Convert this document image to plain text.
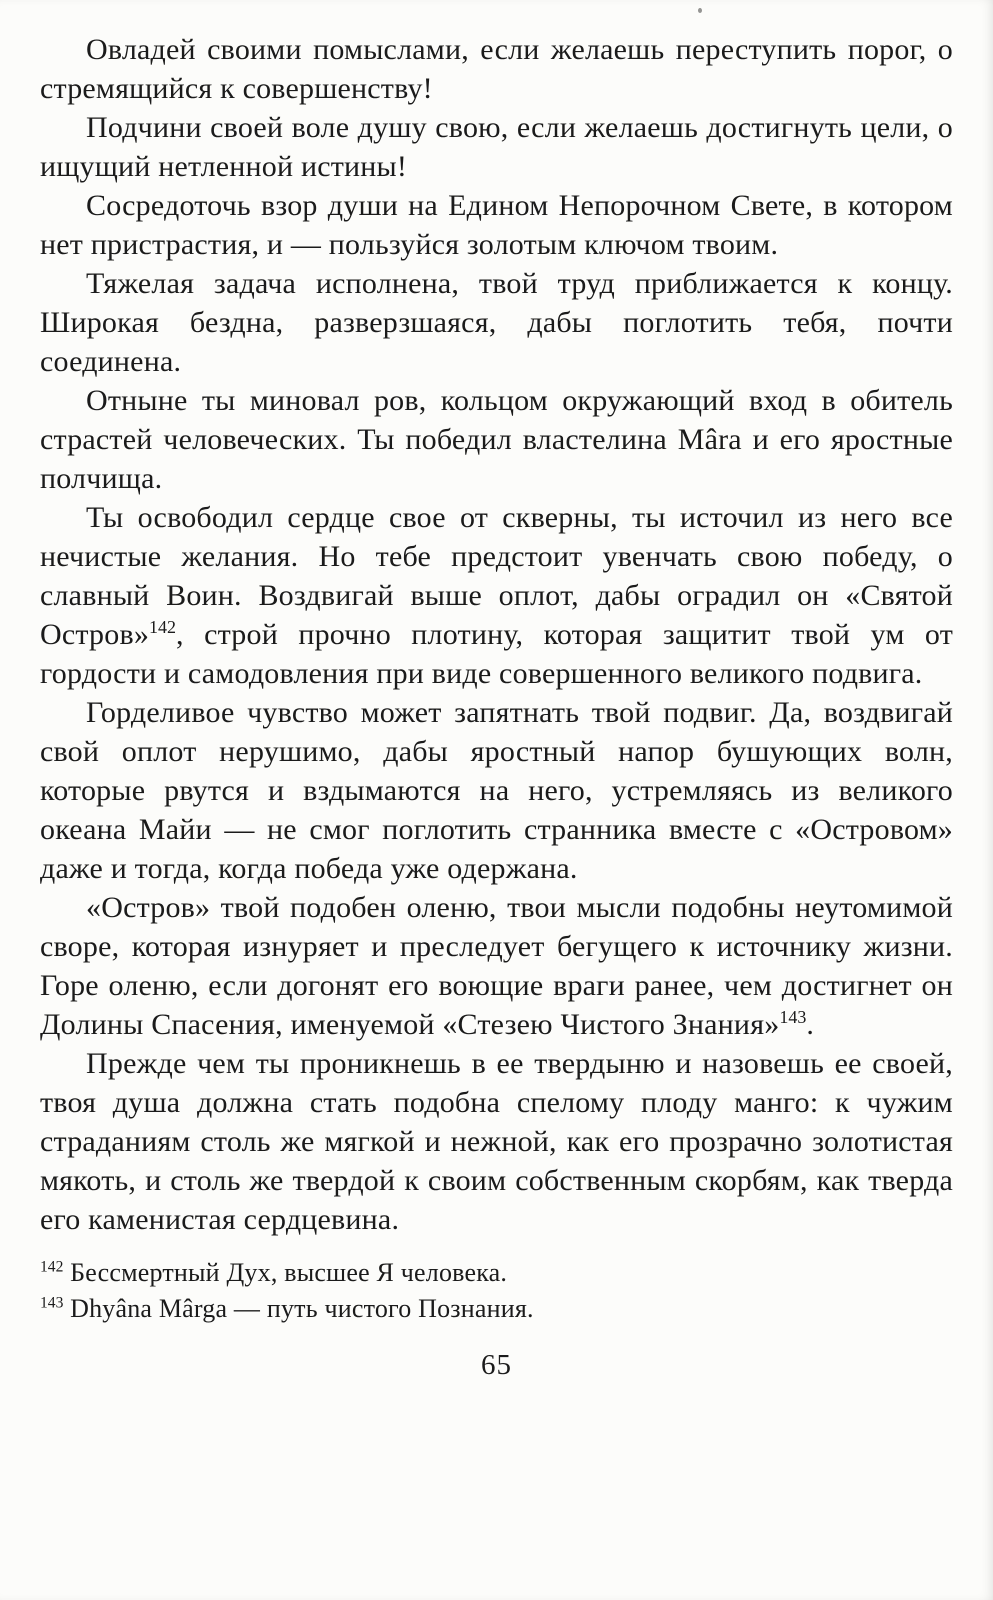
Овладей своими помыслами, если желаешь переступить порог, о стремящийся к совершенству!

Подчини своей воле душу свою, если желаешь достигнуть цели, о ищущий нетленной истины!

Сосредоточь взор души на Едином Непорочном Свете, в котором нет пристрастия, и — пользуйся золотым ключом твоим.

Тяжелая задача исполнена, твой труд приближается к концу. Широкая бездна, разверзшаяся, дабы поглотить тебя, почти соединена.

Отныне ты миновал ров, кольцом окружающий вход в обитель страстей человеческих. Ты победил властелина Mâra и его яростные полчища.

Ты освободил сердце свое от скверны, ты источил из него все нечистые желания. Но тебе предстоит увенчать свою победу, о славный Воин. Воздвигай выше оплот, дабы оградил он «Святой Остров»$^{142}$, строй прочно плотину, которая защитит твой ум от гордости и самодовления при виде совершенного великого подвига.

Горделивое чувство может запятнать твой подвиг. Да, воздвигай свой оплот нерушимо, дабы яростный напор бушующих волн, которые рвутся и вздымаются на него, устремляясь из великого океана Майи — не смог поглотить странника вместе с «Островом» даже и тогда, когда победа уже одержана.

«Остров» твой подобен оленю, твои мысли подобны неутомимой своре, которая изнуряет и преследует бегущего к источнику жизни. Горе оленю, если догонят его воющие враги ранее, чем достигнет он Долины Спасения, именуемой «Стезею Чистого Знания»$^{143}$.

Прежде чем ты проникнешь в ее твердыню и назовешь ее своей, твоя душа должна стать подобна спелому плоду манго: к чужим страданиям столь же мягкой и нежной, как его прозрачно золотистая мякоть, и столь же твердой к своим собственным скорбям, как тверда его каменистая сердцевина.

$^{142}$ Бессмертный Дух, высшее Я человека.

$^{143}$ Dhyâna Mârga — путь чистого Познания.

65
